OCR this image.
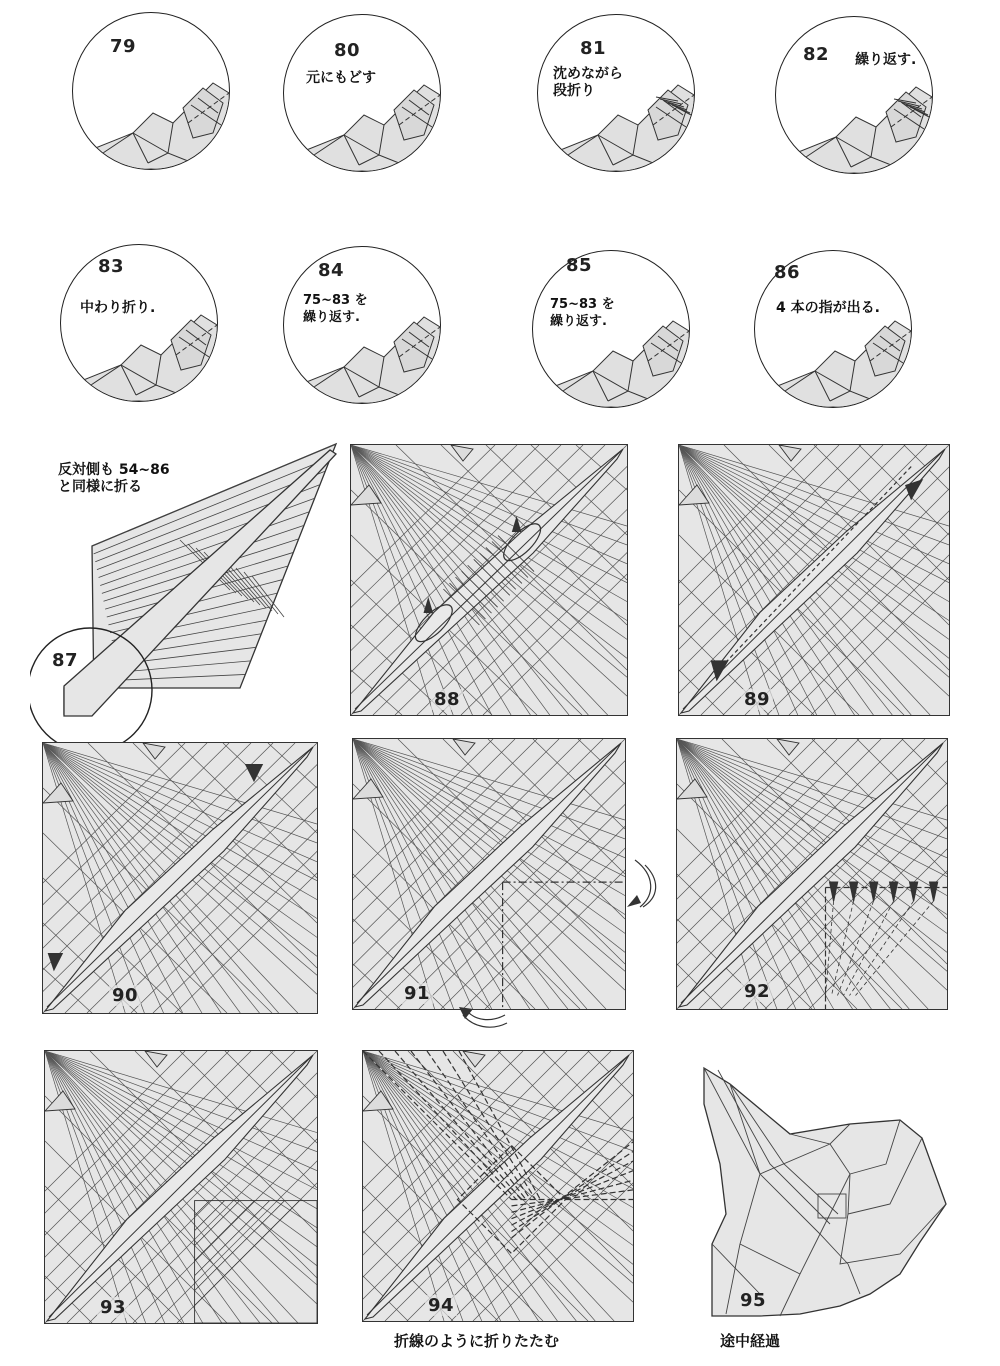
79	80
元にもどす
81
沈めながら
段折り
82 繰り返す.
83
中わり折り.
84
75~83 を
繰り返す.
85
75~83 を
繰り返す.
86
4 本の指が出る.
反対側も 54~86
と同様に折る
87
88	89
90	91	92
93	94
折線のように折りたたむ
95
途中経過
